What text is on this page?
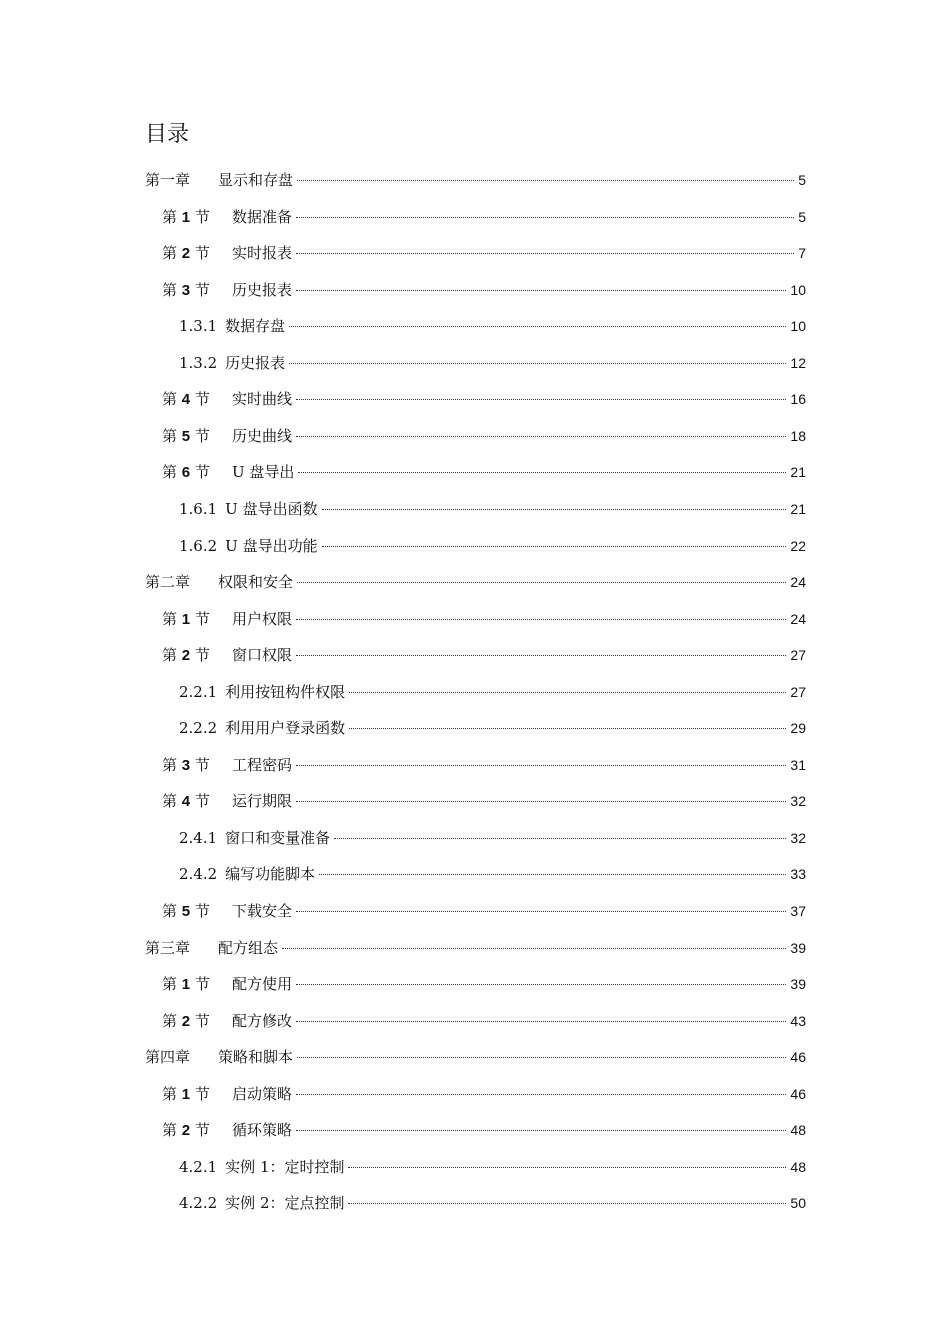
目录
第一章 显示和存盘	5
第 1 节 数据准备	5
第 2 节 实时报表	7
第 3 节 历史报表	10
1.3.1 数据存盘	10
1.3.2 历史报表	12
第 4 节 实时曲线	16
第 5 节 历史曲线	18
第 6 节 U 盘导出	21
1.6.1 U 盘导出函数	21
1.6.2 U 盘导出功能	22
第二章 权限和安全	24
第 1 节 用户权限	24
第 2 节 窗口权限	27
2.2.1 利用按钮构件权限	27
2.2.2 利用用户登录函数	29
第 3 节 工程密码	31
第 4 节 运行期限	32
2.4.1 窗口和变量准备	32
2.4.2 编写功能脚本	33
第 5 节 下载安全	37
第三章 配方组态	39
第 1 节 配方使用	39
第 2 节 配方修改	43
第四章 策略和脚本	46
第 1 节 启动策略	46
第 2 节 循环策略	48
4.2.1 实例 1：定时控制	48
4.2.2 实例 2：定点控制	50
